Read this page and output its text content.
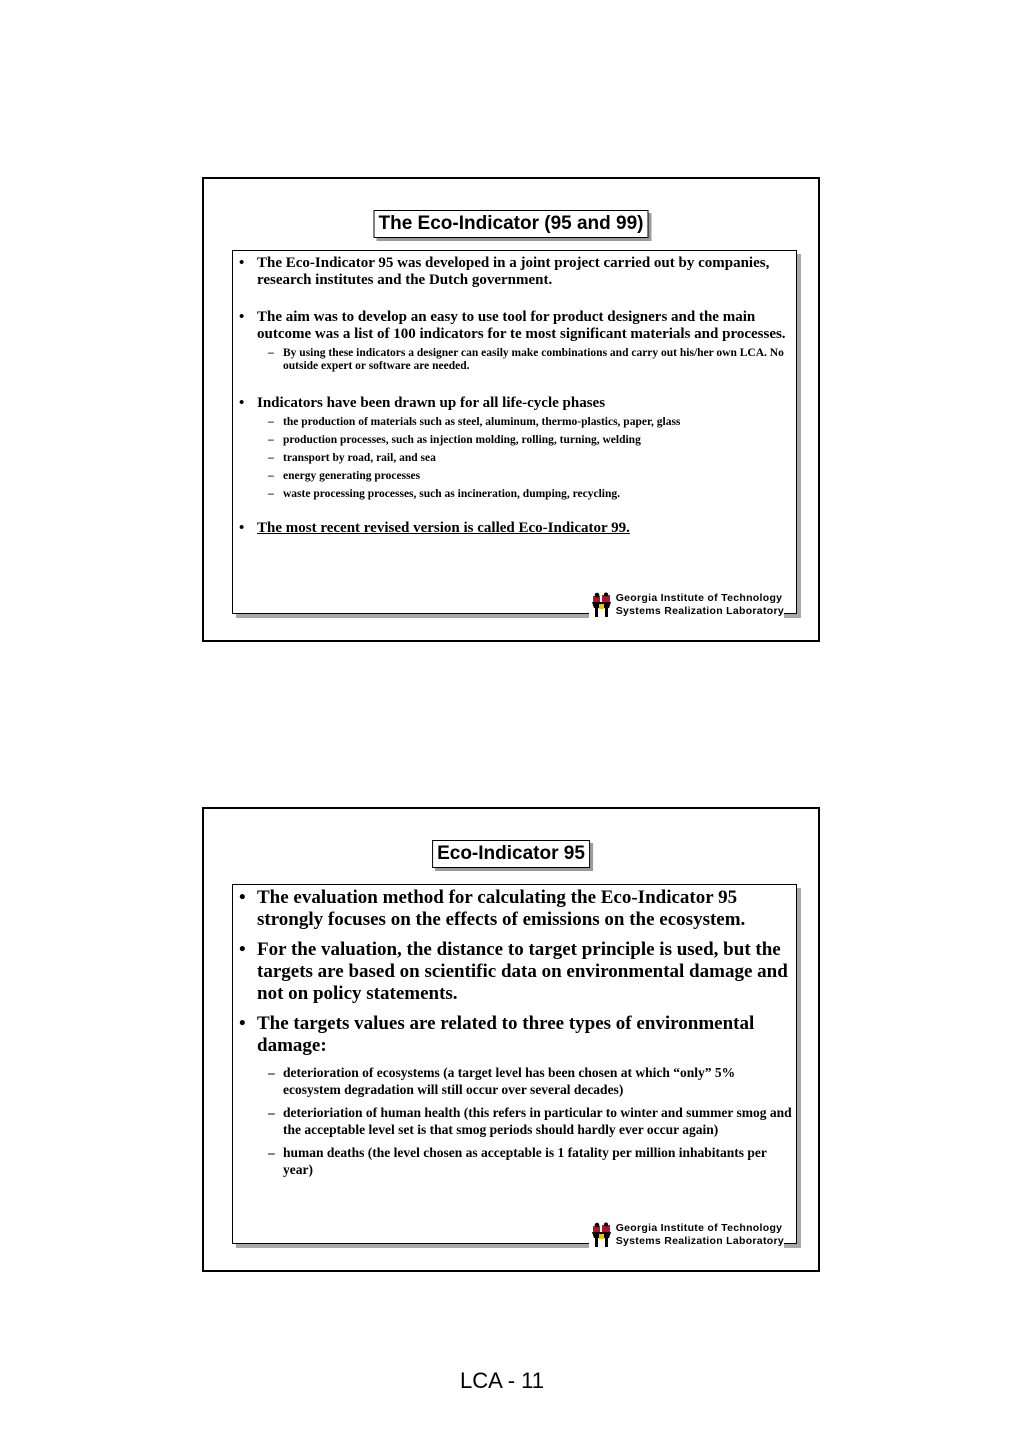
The Eco-Indicator (95 and 99)
• The Eco-Indicator 95 was developed in a joint project carried out by companies, research institutes and the Dutch government.
• The aim was to develop an easy to use tool for product designers and the main outcome was a list of 100 indicators for te most significant materials and processes.
– By using these indicators a designer can easily make combinations and carry out his/her own LCA. No outside expert or software are needed.
• Indicators have been drawn up for all life-cycle phases
– the production of materials such as steel, aluminum, thermo-plastics, paper, glass
– production processes, such as injection molding, rolling, turning, welding
– transport by road, rail, and sea
– energy generating processes
– waste processing processes, such as incineration, dumping, recycling.
• The most recent revised version is called Eco-Indicator 99.
Georgia Institute of Technology
Systems Realization Laboratory
Eco-Indicator 95
• The evaluation method for calculating the Eco-Indicator 95 strongly focuses on the effects of emissions on the ecosystem.
• For the valuation, the distance to target principle is used, but the targets are based on scientific data on environmental damage and not on policy statements.
• The targets values are related to three types of environmental damage:
– deterioration of ecosystems (a target level has been chosen at which “only” 5% ecosystem degradation will still occur over several decades)
– deterioriation of human health (this refers in particular to winter and summer smog and the acceptable level set is that smog periods should hardly ever occur again)
– human deaths (the level chosen as acceptable is 1 fatality per million inhabitants per year)
Georgia Institute of Technology
Systems Realization Laboratory
LCA - 11
